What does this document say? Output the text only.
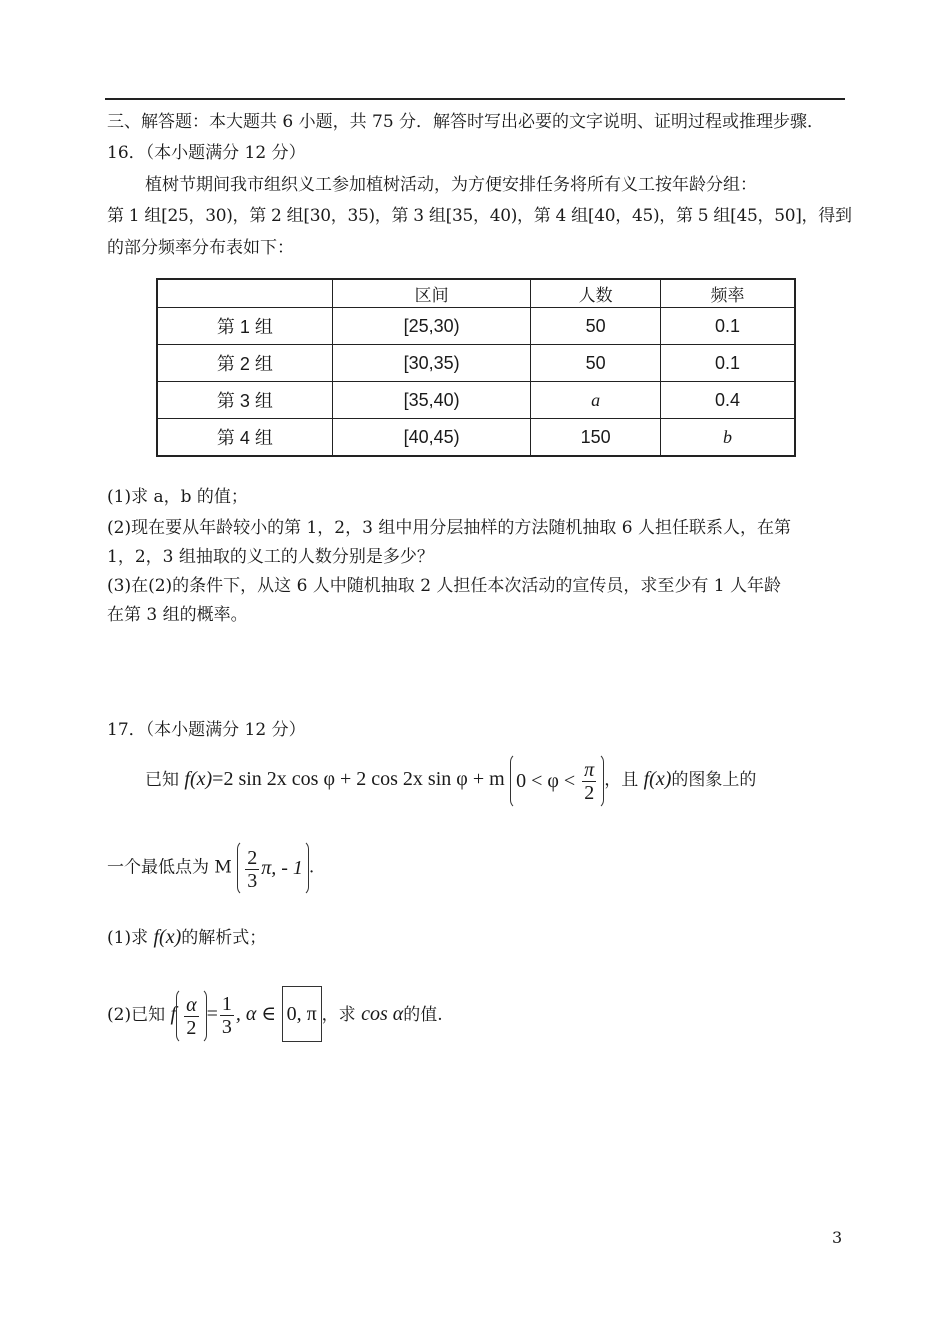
三、解答题：本大题共 6 小题，共 75 分．解答时写出必要的文字说明、证明过程或推理步骤．
16．（本小题满分 12 分）
植树节期间我市组织义工参加植树活动，为方便安排任务将所有义工按年龄分组：
第 1 组[25，30)，第 2 组[30，35)，第 3 组[35，40)，第 4 组[40，45)，第 5 组[45，50]，得到
的部分频率分布表如下：
	区间	人数	频率
第 1 组	[25,30)	50	0.1
第 2 组	[30,35)	50	0.1
第 3 组	[35,40)	a	0.4
第 4 组	[40,45)	150	b
(1)求 a，b 的值；
(2)现在要从年龄较小的第 1，2，3 组中用分层抽样的方法随机抽取 6 人担任联系人，在第
1，2，3 组抽取的义工的人数分别是多少？
(3)在(2)的条件下，从这 6 人中随机抽取 2 人担任本次活动的宣传员，求至少有 1 人年龄
在第 3 组的概率。
17．（本小题满分 12 分）
已知 f(x)=2 sin 2x cos φ + 2 cos 2x sin φ + m $0 < \varphi < \frac{\pi}{2}$ ，且 f(x)的图象上的
一个最低点为 M $\frac{2}{3} \pi$, - 1 .
(1)求 f(x)的解析式；
(2)已知 f $\frac{\alpha}{2} = \frac{1}{3}$ , α ∈ 0, π ，求 cos α的值.
3
